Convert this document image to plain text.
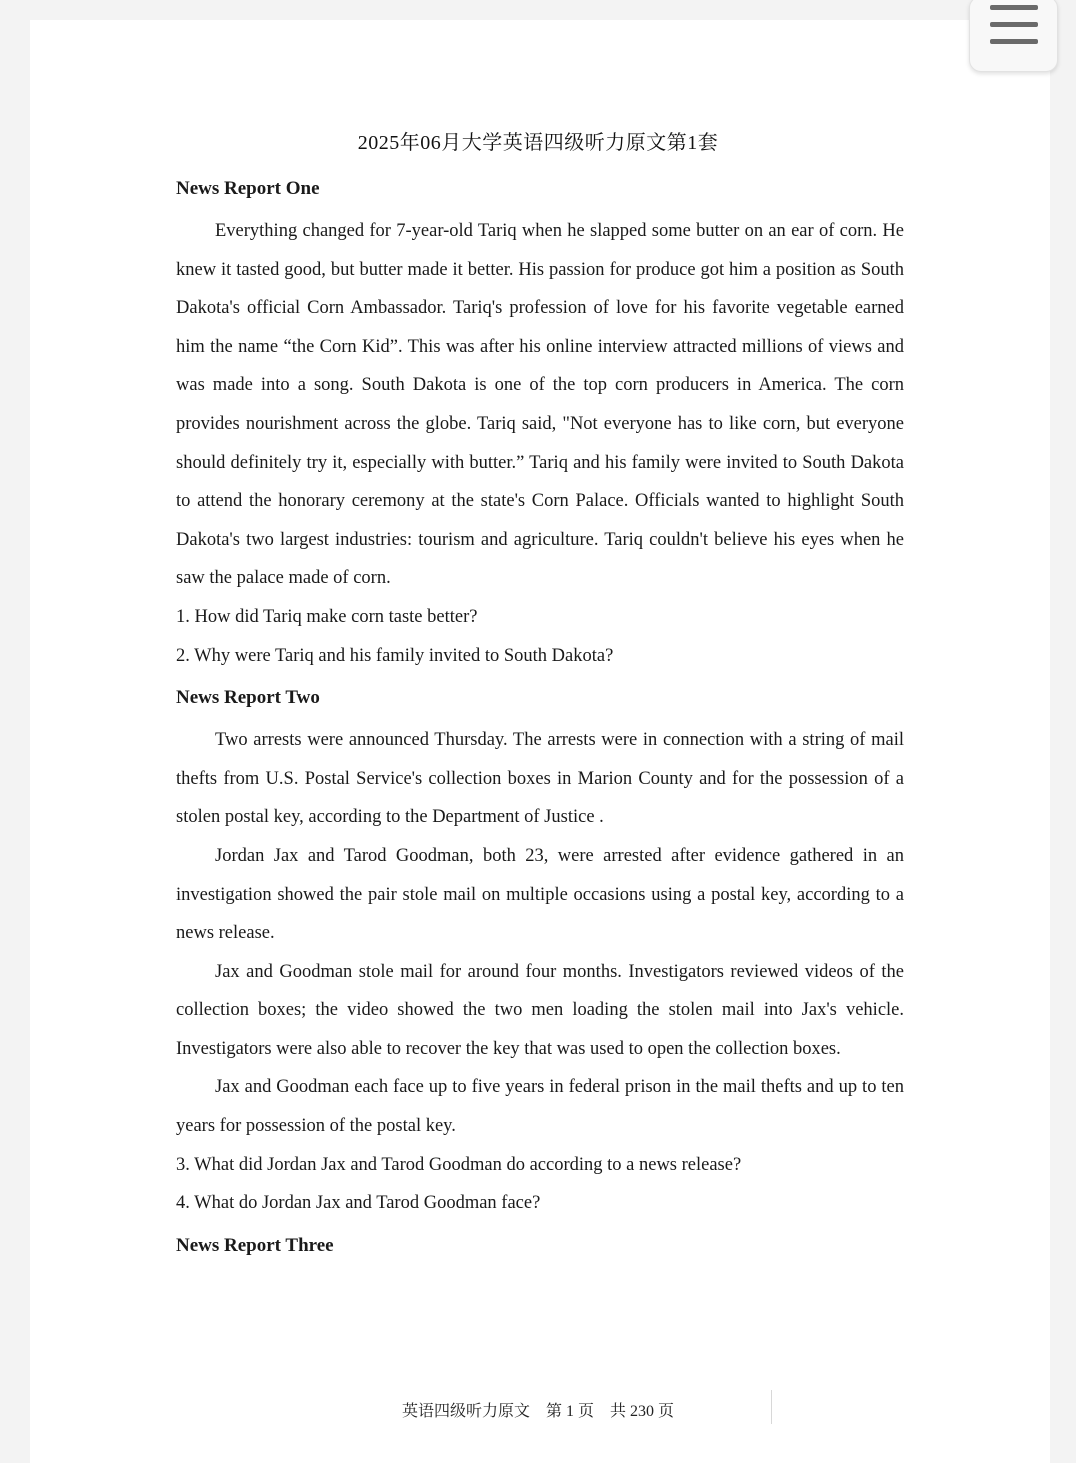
2025年06月大学英语四级听力原文第1套
News Report One

Everything changed for 7-year-old Tariq when he slapped some butter on an ear of corn. He knew it tasted good, but butter made it better. His passion for produce got him a position as South Dakota's official Corn Ambassador. Tariq's profession of love for his favorite vegetable earned him the name “the Corn Kid”. This was after his online interview attracted millions of views and was made into a song. South Dakota is one of the top corn producers in America. The corn provides nourishment across the globe. Tariq said, "Not everyone has to like corn, but everyone should definitely try it, especially with butter.” Tariq and his family were invited to South Dakota to attend the honorary ceremony at the state's Corn Palace. Officials wanted to highlight South Dakota's two largest industries: tourism and agriculture. Tariq couldn't believe his eyes when he saw the palace made of corn.

1. How did Tariq make corn taste better?

2. Why were Tariq and his family invited to South Dakota?

News Report Two

Two arrests were announced Thursday. The arrests were in connection with a string of mail thefts from U.S. Postal Service's collection boxes in Marion County and for the possession of a stolen postal key, according to the Department of Justice .

Jordan Jax and Tarod Goodman, both 23, were arrested after evidence gathered in an investigation showed the pair stole mail on multiple occasions using a postal key, according to a news release.

Jax and Goodman stole mail for around four months. Investigators reviewed videos of the collection boxes; the video showed the two men loading the stolen mail into Jax's vehicle. Investigators were also able to recover the key that was used to open the collection boxes.

Jax and Goodman each face up to five years in federal prison in the mail thefts and up to ten years for possession of the postal key.

3. What did Jordan Jax and Tarod Goodman do according to a news release?

4. What do Jordan Jax and Tarod Goodman face?

News Report Three
英语四级听力原文 第 1 页 共 230 页
